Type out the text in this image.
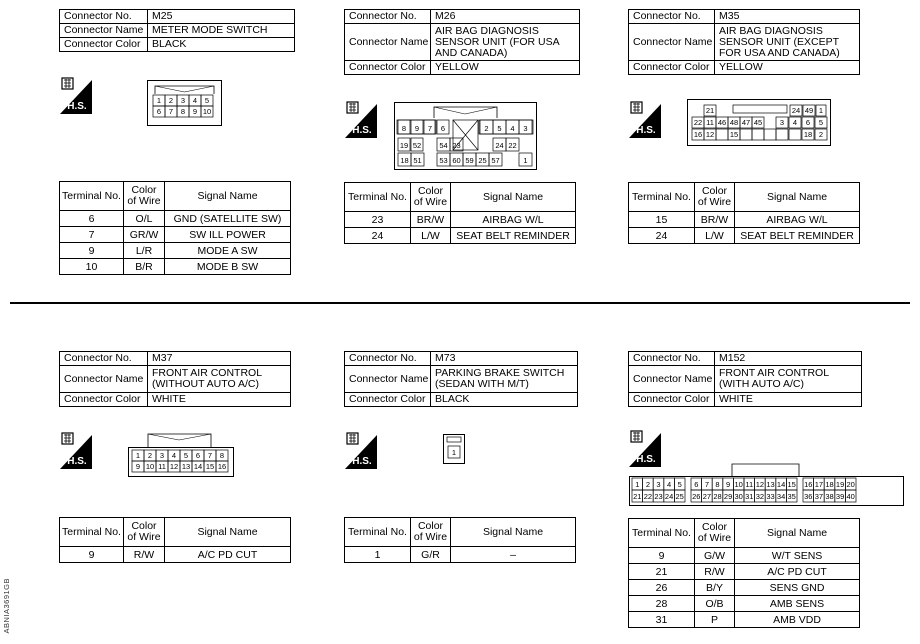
Connector No.	M25
Connector Name	METER MODE SWITCH
Connector Color	BLACK
H.S.
1 2 3 4 5
6 7 8 9 10
Terminal No.	Color of Wire	Signal Name
6	O/L	GND (SATELLITE SW)
7	GR/W	SW ILL POWER
9	L/R	MODE A SW
10	B/R	MODE B SW
Connector No.	M26
Connector Name	AIR BAG DIAGNOSIS SENSOR UNIT (FOR USA AND CANADA)
Connector Color	YELLOW
H.S.	8 9 7 6	2 5 4 3
19 52 54 23	24 22
18 51 53 60 59 25 57	1
Terminal No.	Color of Wire	Signal Name
23	BR/W	AIRBAG W/L
24	L/W	SEAT BELT REMINDER
Connector No.	M35
Connector Name	AIR BAG DIAGNOSIS SENSOR UNIT (EXCEPT FOR USA AND CANADA)
Connector Color	YELLOW
H.S.
21	24 49 1
22 11 46 48 47 45 3 4 6 5
16 12 15	18 2
Terminal No.	Color of Wire	Signal Name
15	BR/W	AIRBAG W/L
24	L/W	SEAT BELT REMINDER
Connector No.	M37
Connector Name	FRONT AIR CONTROL (WITHOUT AUTO A/C)
Connector Color	WHITE
H.S.
1 2 3 4 5 6 7 8
9 10 11 12 13 14 15 16
Terminal No.	Color of Wire	Signal Name
9	R/W	A/C PD CUT
Connector No.	M73
Connector Name	PARKING BRAKE SWITCH (SEDAN WITH M/T)
Connector Color	BLACK
H.S.
1
Terminal No.	Color of Wire	Signal Name
1	G/R	–
Connector No.	M152
Connector Name	FRONT AIR CONTROL (WITH AUTO A/C)
Connector Color	WHITE
H.S.
1 2 3 4 5 6 7 8 9 10 11 12 13 14 15 16 17 18 19 20
21 22 23 24 25 26 27 28 29 30 31 32 33 34 35 36 37 38 39 40
Terminal No.	Color of Wire	Signal Name
9	G/W	W/T SENS
21	R/W	A/C PD CUT
26	B/Y	SENS GND
28	O/B	AMB SENS
31	P	AMB VDD
ABNIA3691GB
